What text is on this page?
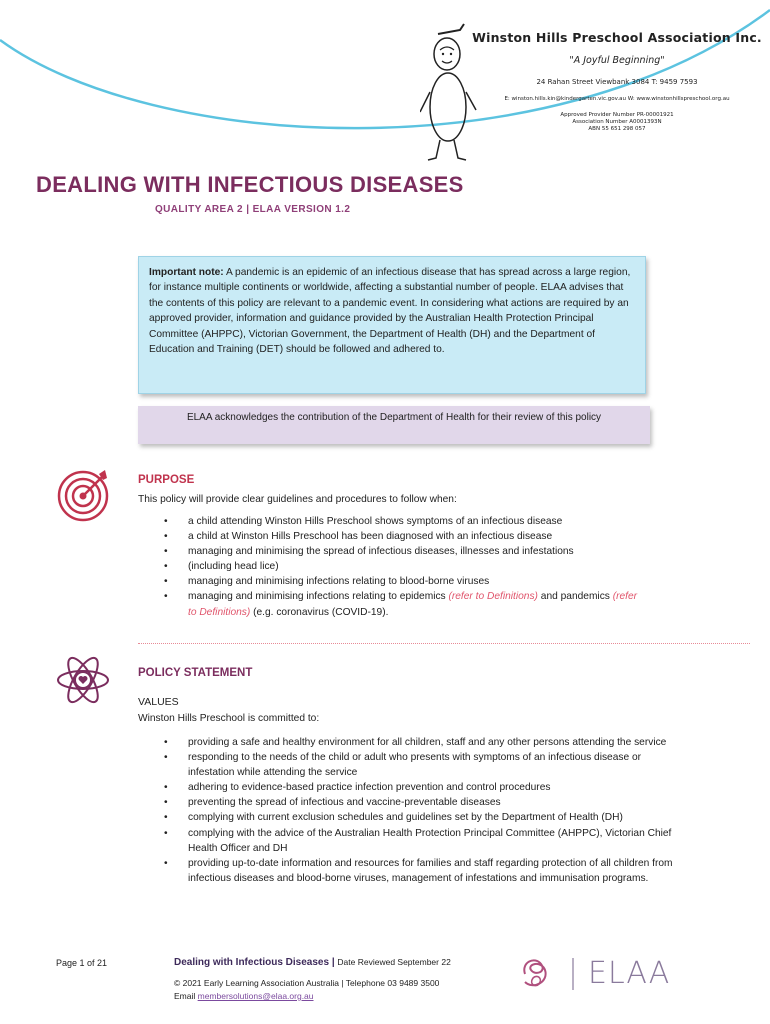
Winston Hills Preschool Association Inc.
"A Joyful Beginning"
24 Rahan Street Viewbank 3084 T: 9459 7593
E: winston.hills.kin@kindergarten.vic.gov.au W: www.winstonhillspreschool.org.au
Approved Provider Number PR-00001921
Association Number A0001393N
ABN 55 651 298 057
DEALING WITH INFECTIOUS DISEASES
QUALITY AREA 2 | ELAA VERSION 1.2
Important note: A pandemic is an epidemic of an infectious disease that has spread across a large region, for instance multiple continents or worldwide, affecting a substantial number of people. ELAA advises that the contents of this policy are relevant to a pandemic event. In considering what actions are required by an approved provider, information and guidance provided by the Australian Health Protection Principal Committee (AHPPC), Victorian Government, the Department of Health (DH) and the Department of Education and Training (DET) should be followed and adhered to.
ELAA acknowledges the contribution of the Department of Health for their review of this policy
PURPOSE
This policy will provide clear guidelines and procedures to follow when:
• a child attending Winston Hills Preschool shows symptoms of an infectious disease
• a child at Winston Hills Preschool has been diagnosed with an infectious disease
• managing and minimising the spread of infectious diseases, illnesses and infestations
• (including head lice)
• managing and minimising infections relating to blood-borne viruses
• managing and minimising infections relating to epidemics (refer to Definitions) and pandemics (refer to Definitions) (e.g. coronavirus (COVID-19).
POLICY STATEMENT
VALUES
Winston Hills Preschool is committed to:
• providing a safe and healthy environment for all children, staff and any other persons attending the service
• responding to the needs of the child or adult who presents with symptoms of an infectious disease or infestation while attending the service
• adhering to evidence-based practice infection prevention and control procedures
• preventing the spread of infectious and vaccine-preventable diseases
• complying with current exclusion schedules and guidelines set by the Department of Health (DH)
• complying with the advice of the Australian Health Protection Principal Committee (AHPPC), Victorian Chief Health Officer and DH
• providing up-to-date information and resources for families and staff regarding protection of all children from infectious diseases and blood-borne viruses, management of infestations and immunisation programs.
Page 1 of 21	Dealing with Infectious Diseases | Date Reviewed September 22
© 2021 Early Learning Association Australia | Telephone 03 9489 3500
Email membersolutions@elaa.org.au
ELAA
